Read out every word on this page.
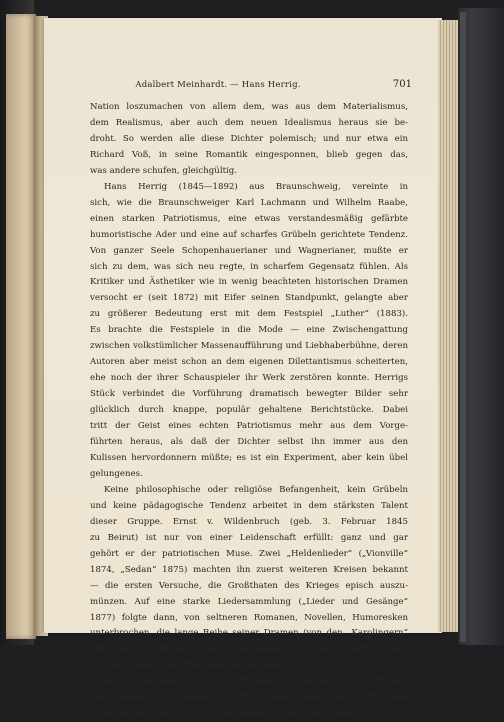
Adalbert Meinhardt. — Hans Herrig.	701
Nation loszumachen von allem dem, was aus dem Materialismus,
dem Realismus, aber auch dem neuen Idealismus heraus sie be-
droht. So werden alle diese Dichter polemisch; und nur etwa ein
Richard Voß, in seine Romantik eingesponnen, blieb gegen das,
was andere schufen, gleichgültig.
Hans Herrig (1845—1892) aus Braunschweig, vereinte in
sich, wie die Braunschweiger Karl Lachmann und Wilhelm Raabe,
einen starken Patriotismus, eine etwas verstandesmäßig gefärbte
humoristische Ader und eine auf scharfes Grübeln gerichtete Tendenz.
Von ganzer Seele Schopenhauerianer und Wagnerianer, mußte er
sich zu dem, was sich neu regte, in scharfem Gegensatz fühlen. Als
Kritiker und Ästhetiker wie in wenig beachteten historischen Dramen
versocht er (seit 1872) mit Eifer seinen Standpunkt, gelangte aber
zu größerer Bedeutung erst mit dem Festspiel „Luther“ (1883).
Es brachte die Festspiele in die Mode — eine Zwischengattung
zwischen volkstümlicher Massenaufführung und Liebhaberbühne, deren
Autoren aber meist schon an dem eigenen Dilettantismus scheiterten,
ehe noch der ihrer Schauspieler ihr Werk zerstören konnte. Herrigs
Stück verbindet die Vorführung dramatisch bewegter Bilder sehr
glücklich durch knappe, populär gehaltene Berichtstücke. Dabei
tritt der Geist eines echten Patriotismus mehr aus dem Vorge-
führten heraus, als daß der Dichter selbst ihn immer aus den
Kulissen hervordonnern müßte; es ist ein Experiment, aber kein übel
gelungenes.
Keine philosophische oder religiöse Befangenheit, kein Grübeln
und keine pädagogische Tendenz arbeitet in dem stärksten Talent
dieser Gruppe. Ernst v. Wildenbruch (geb. 3. Februar 1845
zu Beirut) ist nur von einer Leidenschaft erfüllt: ganz und gar
gehört er der patriotischen Muse. Zwei „Heldenlieder“ („Vionville“
1874, „Sedan“ 1875) machten ihn zuerst weiteren Kreisen bekannt
— die ersten Versuche, die Großthaten des Krieges episch auszu-
münzen. Auf eine starke Liedersammlung („Lieder und Gesänge“
1877) folgte dann, von seltneren Romanen, Novellen, Humoresken
unterbrochen, die lange Reihe seiner Dramen (von den „Karolingern“
1882 an), in stürmisch hervorbrechender Flut; und sicherlich liegt
ihm die dramatische Thätigkeit am nächsten.
Am schwächsten ist er als Erzähler. Schon sein erster Roman,
„Der Meister von Tanagra“ (1880), leidet unter der stürmischen
Ungeduld des Autors. Schon hier haben wir ganz den späteren
